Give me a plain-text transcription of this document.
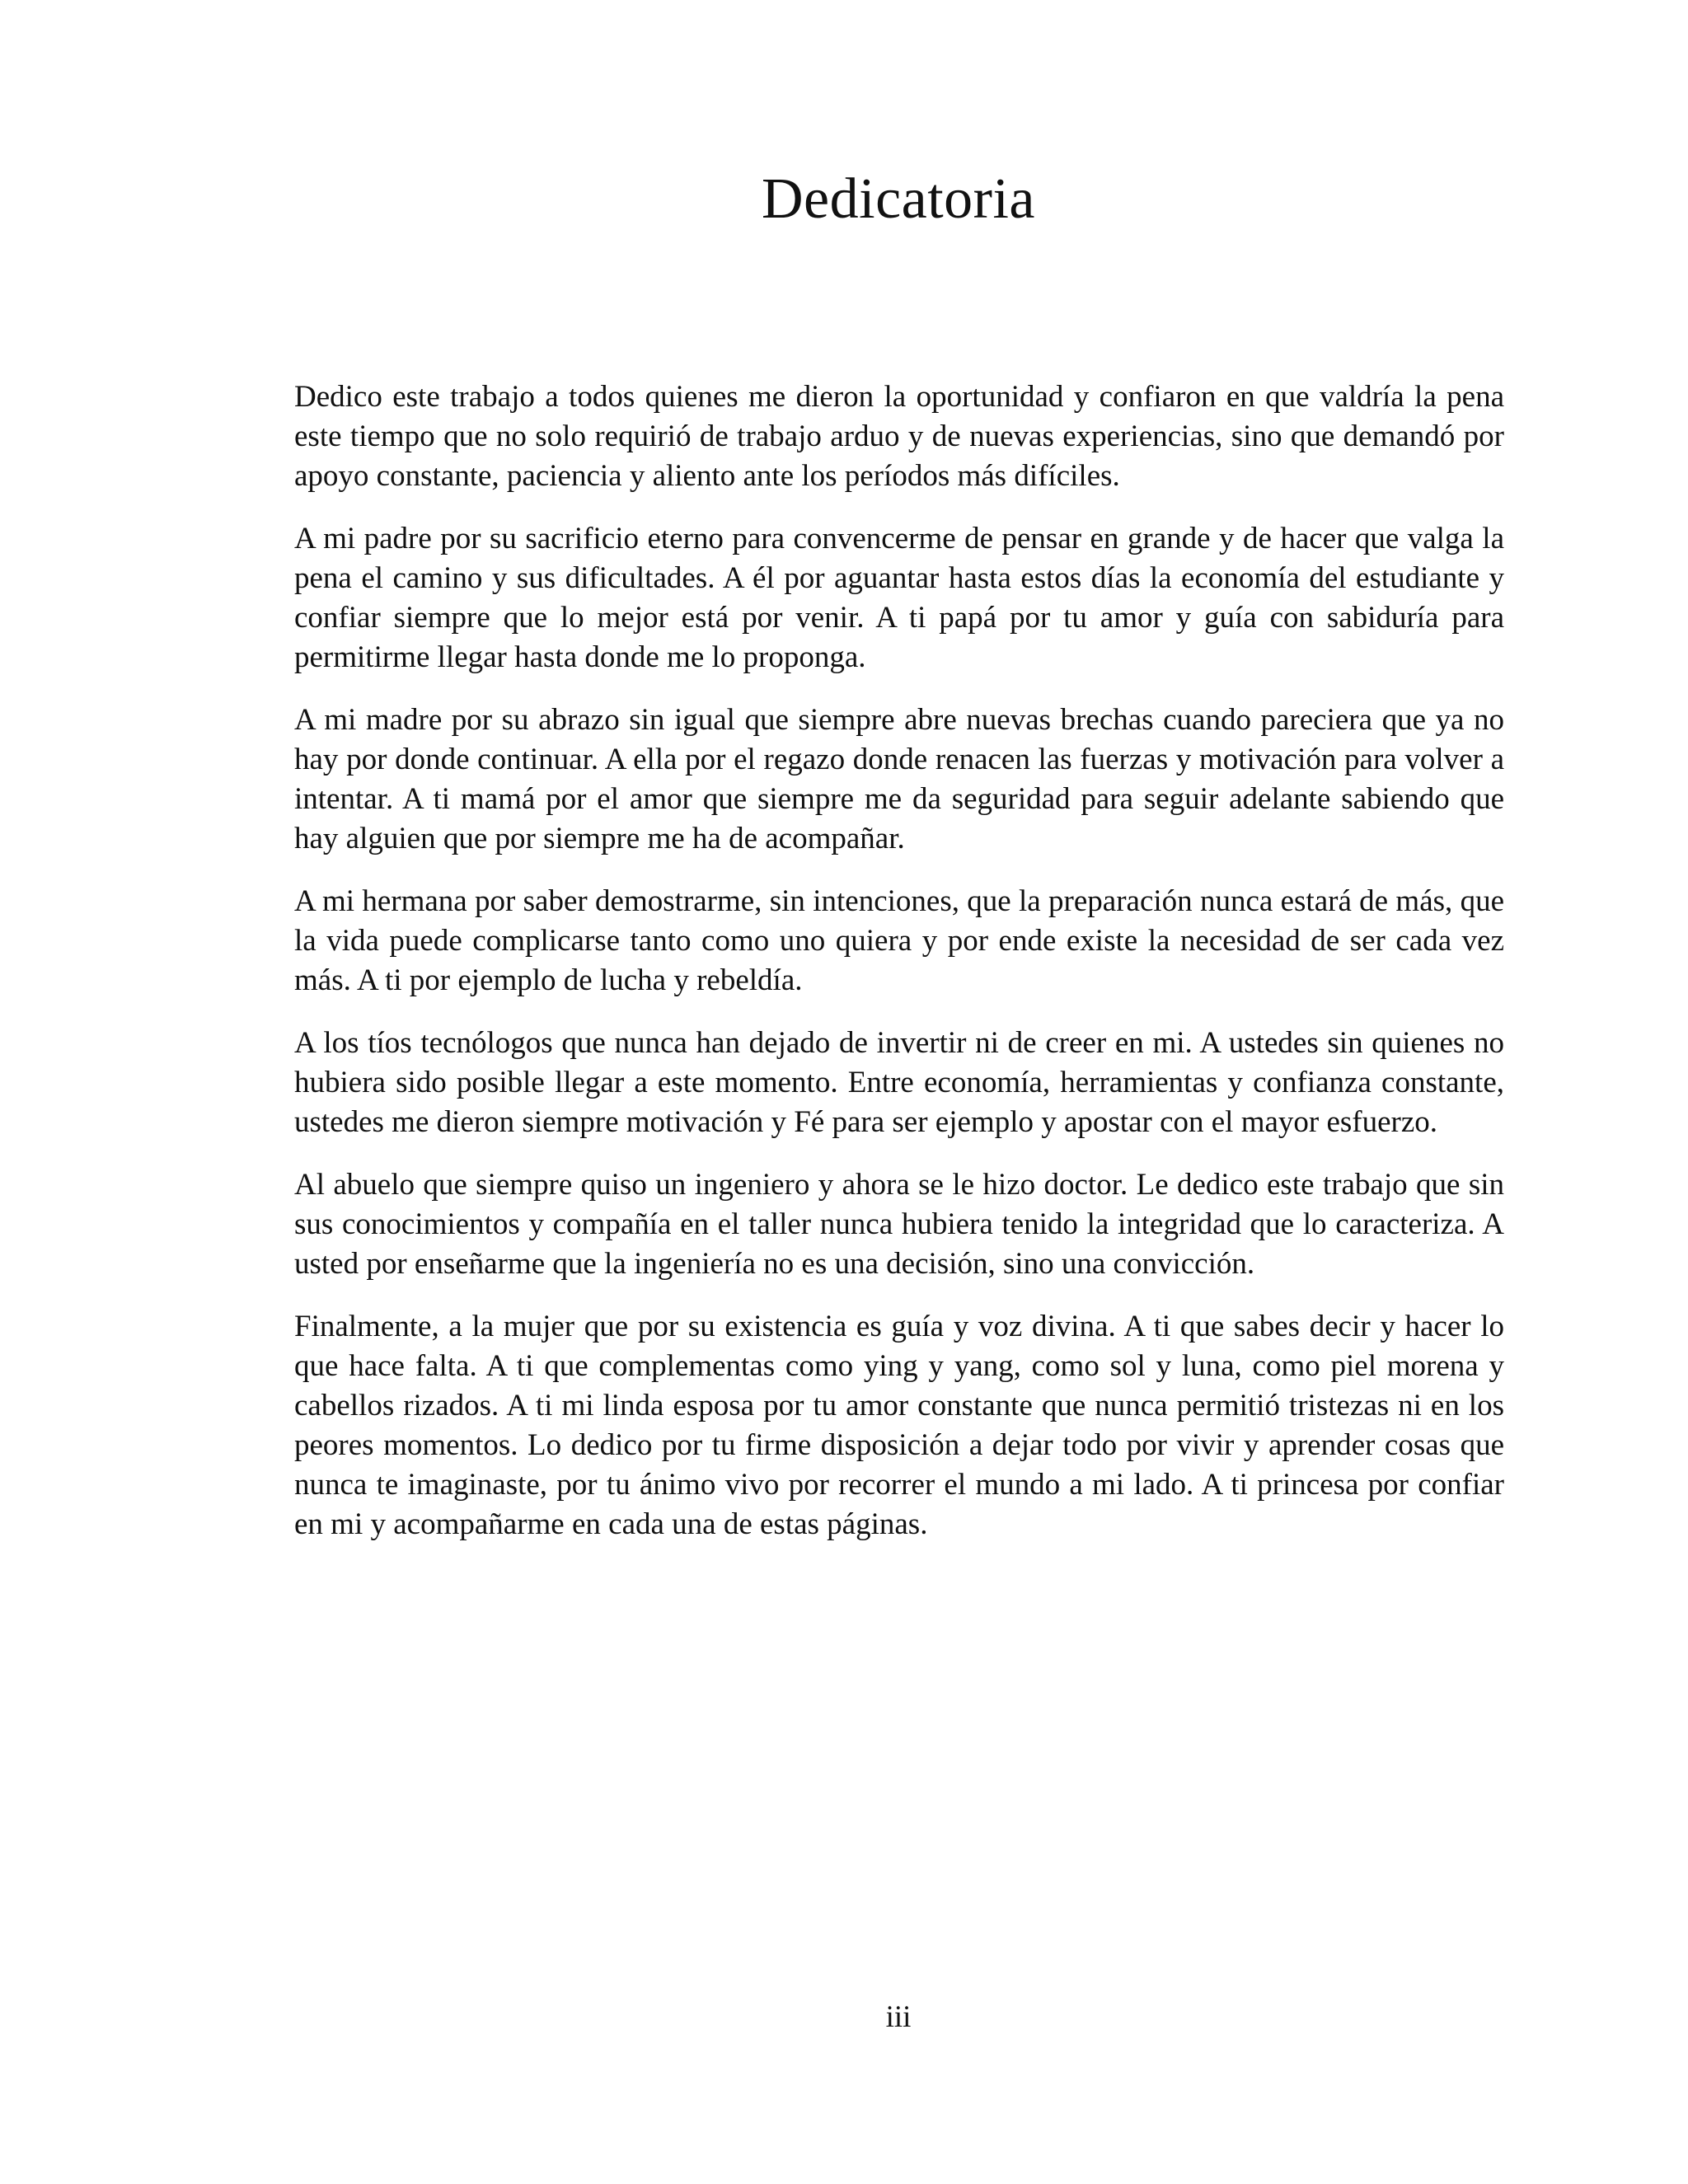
Dedicatoria

Dedico este trabajo a todos quienes me dieron la oportunidad y confiaron en que valdría la pena este tiempo que no solo requirió de trabajo arduo y de nuevas experiencias, sino que demandó por apoyo constante, paciencia y aliento ante los períodos más difíciles.

A mi padre por su sacrificio eterno para convencerme de pensar en grande y de hacer que valga la pena el camino y sus dificultades. A él por aguantar hasta estos días la economía del estudiante y confiar siempre que lo mejor está por venir. A ti papá por tu amor y guía con sabiduría para permitirme llegar hasta donde me lo proponga.

A mi madre por su abrazo sin igual que siempre abre nuevas brechas cuando pareciera que ya no hay por donde continuar. A ella por el regazo donde renacen las fuerzas y motivación para volver a intentar. A ti mamá por el amor que siempre me da seguridad para seguir adelante sabiendo que hay alguien que por siempre me ha de acompañar.

A mi hermana por saber demostrarme, sin intenciones, que la preparación nunca estará de más, que la vida puede complicarse tanto como uno quiera y por ende existe la necesidad de ser cada vez más. A ti por ejemplo de lucha y rebeldía.

A los tíos tecnólogos que nunca han dejado de invertir ni de creer en mi. A ustedes sin quienes no hubiera sido posible llegar a este momento. Entre economía, herramientas y confianza constante, ustedes me dieron siempre motivación y Fé para ser ejemplo y apostar con el mayor esfuerzo.

Al abuelo que siempre quiso un ingeniero y ahora se le hizo doctor. Le dedico este trabajo que sin sus conocimientos y compañía en el taller nunca hubiera tenido la integridad que lo caracteriza. A usted por enseñarme que la ingeniería no es una decisión, sino una convicción.

Finalmente, a la mujer que por su existencia es guía y voz divina. A ti que sabes decir y hacer lo que hace falta. A ti que complementas como ying y yang, como sol y luna, como piel morena y cabellos rizados. A ti mi linda esposa por tu amor constante que nunca permitió tristezas ni en los peores momentos. Lo dedico por tu firme disposición a dejar todo por vivir y aprender cosas que nunca te imaginaste, por tu ánimo vivo por recorrer el mundo a mi lado. A ti princesa por confiar en mi y acompañarme en cada una de estas páginas.

iii
